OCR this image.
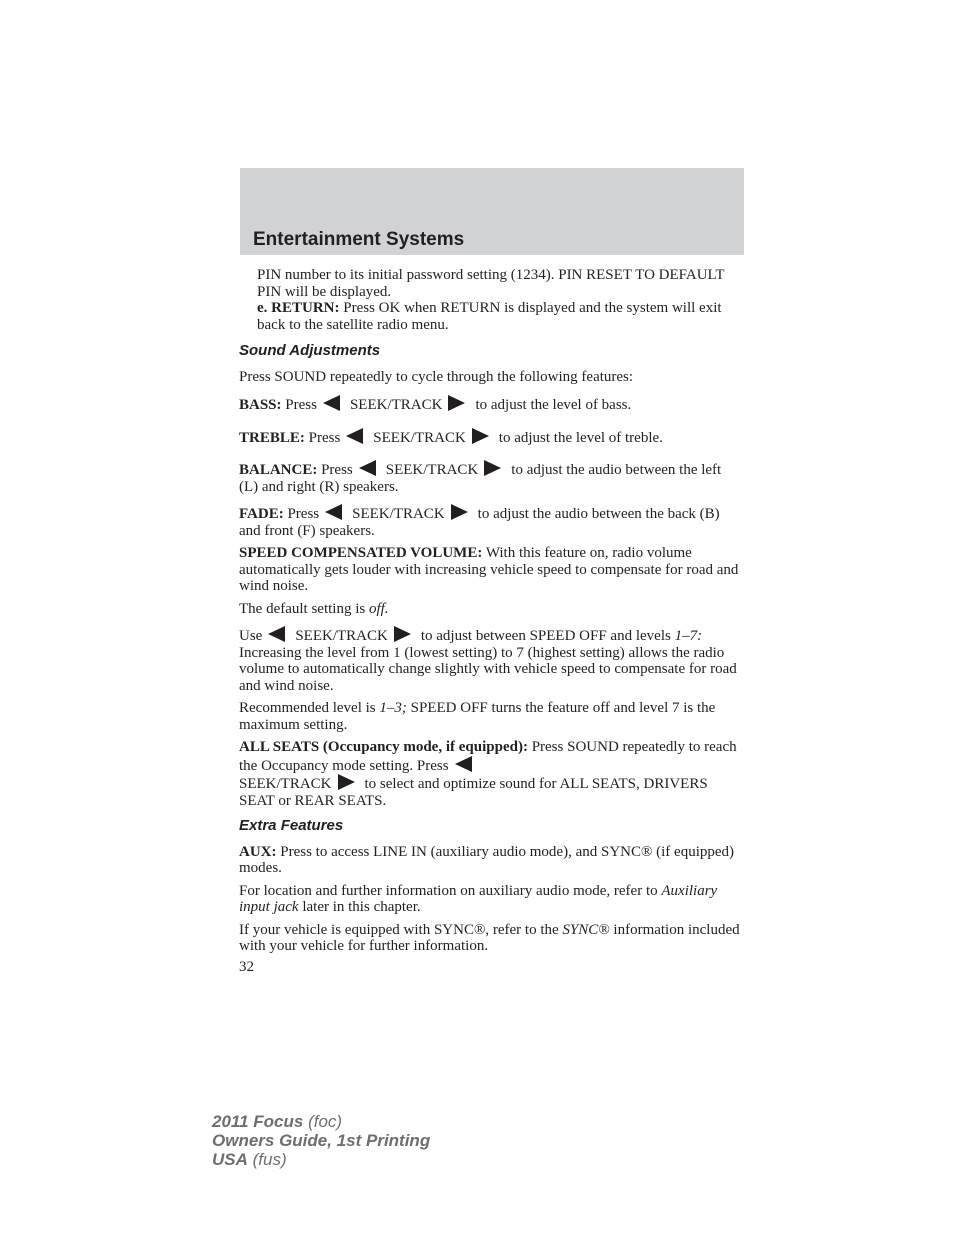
Entertainment Systems

PIN number to its initial password setting (1234). PIN RESET TO DEFAULT PIN will be displayed.
e. RETURN: Press OK when RETURN is displayed and the system will exit back to the satellite radio menu.

Sound Adjustments

Press SOUND repeatedly to cycle through the following features:

BASS: Press SEEK/TRACK to adjust the level of bass.

TREBLE: Press SEEK/TRACK to adjust the level of treble.

BALANCE: Press SEEK/TRACK to adjust the audio between the left (L) and right (R) speakers.

FADE: Press SEEK/TRACK to adjust the audio between the back (B) and front (F) speakers.

SPEED COMPENSATED VOLUME: With this feature on, radio volume automatically gets louder with increasing vehicle speed to compensate for road and wind noise.

The default setting is off.

Use SEEK/TRACK to adjust between SPEED OFF and levels 1–7: Increasing the level from 1 (lowest setting) to 7 (highest setting) allows the radio volume to automatically change slightly with vehicle speed to compensate for road and wind noise.

Recommended level is 1–3; SPEED OFF turns the feature off and level 7 is the maximum setting.

ALL SEATS (Occupancy mode, if equipped): Press SOUND repeatedly to reach the Occupancy mode setting. Press
SEEK/TRACK to select and optimize sound for ALL SEATS, DRIVERS SEAT or REAR SEATS.

Extra Features

AUX: Press to access LINE IN (auxiliary audio mode), and SYNC® (if equipped) modes.

For location and further information on auxiliary audio mode, refer to Auxiliary input jack later in this chapter.

If your vehicle is equipped with SYNC®, refer to the SYNC® information included with your vehicle for further information.

32

2011 Focus (foc)
Owners Guide, 1st Printing
USA (fus)
